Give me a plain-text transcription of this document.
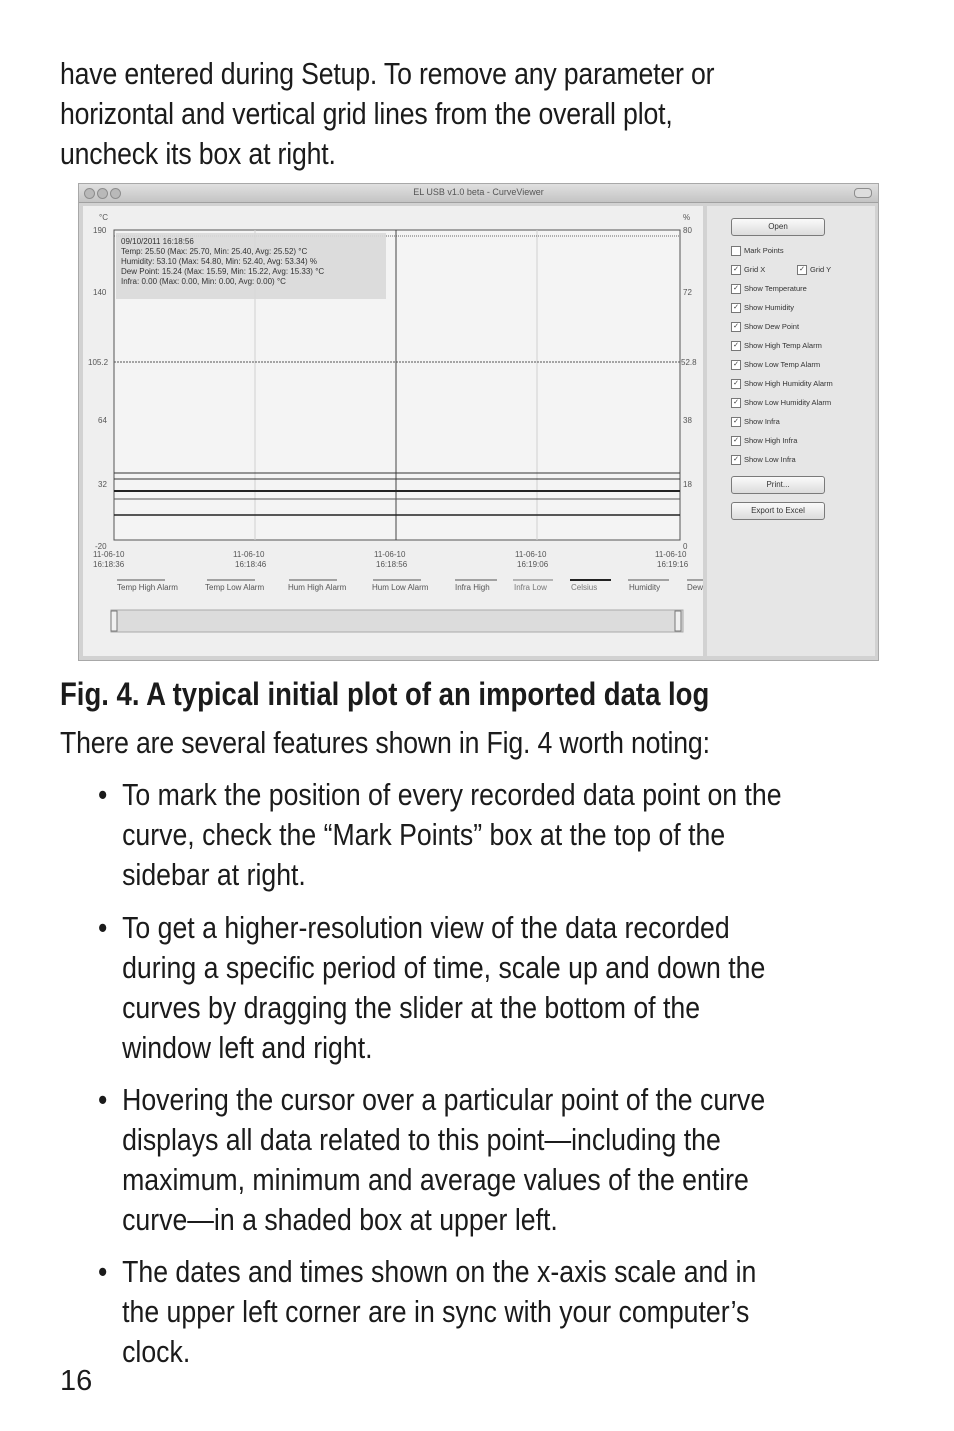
have entered during Setup. To remove any parameter or
horizontal and vertical grid lines from the overall plot,
uncheck its box at right.
EL USB v1.0 beta - CurveViewer
09/10/2011 16:18:56
Temp: 25.50 (Max: 25.70, Min: 25.40, Avg: 25.52) °C
Humidity: 53.10 (Max: 54.80, Min: 52.40, Avg: 53.34) %
Dew Point: 15.24 (Max: 15.59, Min: 15.22, Avg: 15.33) °C
Infra: 0.00 (Max: 0.00, Min: 0.00, Avg: 0.00) °C
°C
190
140
105.2
64
32
-20
%
80
72
52.8
38
18
0
11-06-10
16:18:36
11-06-10
16:18:46
11-06-10
16:18:56
11-06-10
16:19:06
11-06-10
16:19:16
Temp High Alarm	Temp Low Alarm	Hum High Alarm	Hum Low Alarm	Infra High	Infra Low	Celsius	Humidity	Dew
Open
Mark Points
✓ Grid X	✓ Grid Y
✓ Show Temperature
✓ Show Humidity
✓ Show Dew Point
✓ Show High Temp Alarm
✓ Show Low Temp Alarm
✓ Show High Humidity Alarm
✓ Show Low Humidity Alarm
✓ Show Infra
✓ Show High Infra
✓ Show Low Infra
Print...
Export to Excel
Fig. 4. A typical initial plot of an imported data log
There are several features shown in Fig. 4 worth noting:
• To mark the position of every recorded data point on the
curve, check the “Mark Points” box at the top of the
sidebar at right.
• To get a higher-resolution view of the data recorded
during a specific period of time, scale up and down the
curves by dragging the slider at the bottom of the
window left and right.
• Hovering the cursor over a particular point of the curve
displays all data related to this point—including the
maximum, minimum and average values of the entire
curve—in a shaded box at upper left.
• The dates and times shown on the x-axis scale and in
the upper left corner are in sync with your computer’s
clock.
16
